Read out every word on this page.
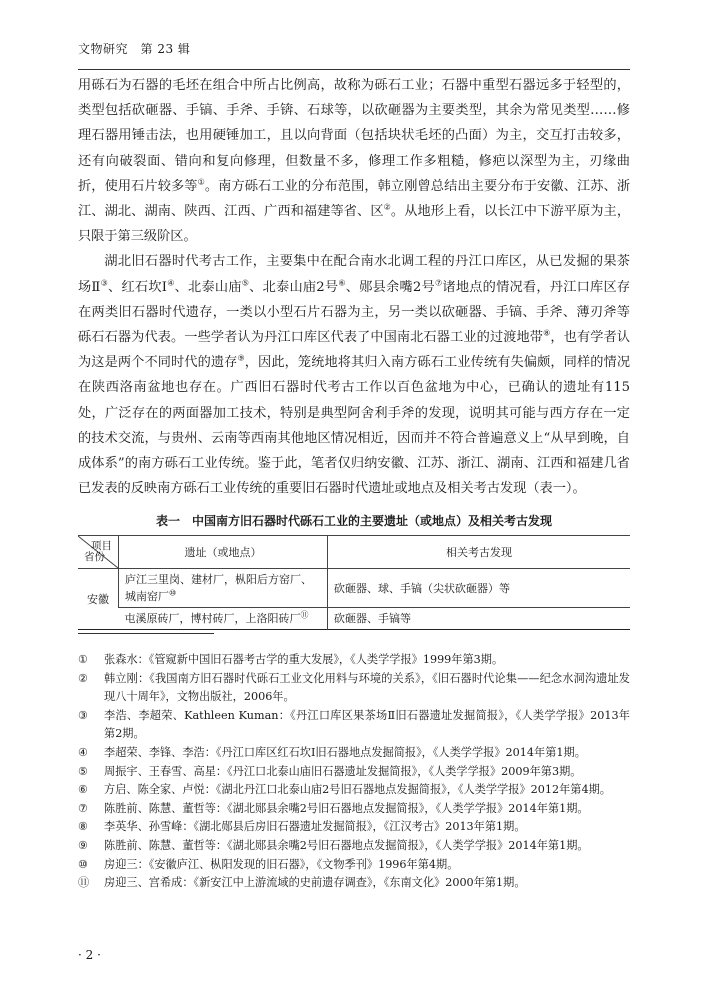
文物研究　第 23 辑

用砾石为石器的毛坯在组合中所占比例高，故称为砾石工业；石器中重型石器远多于轻型的，类型包括砍砸器、手镐、手斧、手锛、石球等，以砍砸器为主要类型，其余为常见类型……修理石器用锤击法，也用硬锤加工，且以向背面（包括块状毛坯的凸面）为主，交互打击较多，还有向破裂面、错向和复向修理，但数量不多，修理工作多粗糙，修疤以深型为主，刃缘曲折，使用石片较多等①。南方砾石工业的分布范围，韩立刚曾总结出主要分布于安徽、江苏、浙江、湖北、湖南、陕西、江西、广西和福建等省、区②。从地形上看，以长江中下游平原为主，只限于第三级阶区。

湖北旧石器时代考古工作，主要集中在配合南水北调工程的丹江口库区，从已发掘的果茶场Ⅱ③、红石坎Ⅰ④、北泰山庙⑤、北泰山庙2号⑥、郧县余嘴2号⑦诸地点的情况看，丹江口库区存在两类旧石器时代遗存，一类以小型石片石器为主，另一类以砍砸器、手镐、手斧、薄刃斧等砾石石器为代表。一些学者认为丹江口库区代表了中国南北石器工业的过渡地带⑧，也有学者认为这是两个不同时代的遗存⑨，因此，笼统地将其归入南方砾石工业传统有失偏颇，同样的情况在陕西洛南盆地也存在。广西旧石器时代考古工作以百色盆地为中心，已确认的遗址有115处，广泛存在的两面器加工技术，特别是典型阿舍利手斧的发现，说明其可能与西方存在一定的技术交流，与贵州、云南等西南其他地区情况相近，因而并不符合普遍意义上“从早到晚，自成体系”的南方砾石工业传统。鉴于此，笔者仅归纳安徽、江苏、浙江、湖南、江西和福建几省已发表的反映南方砾石工业传统的重要旧石器时代遗址或地点及相关考古发现（表一）。

表一　中国南方旧石器时代砾石工业的主要遗址（或地点）及相关考古发现
项目
省份	遗址（或地点）	相关考古发现
安徽	庐江三里岗、建材厂，枞阳后方窑厂、城南窑厂⑩	砍砸器、球、手镐（尖状砍砸器）等
	屯溪原砖厂，博村砖厂，上洛阳砖厂⑪	砍砸器、手镐等
①	张森水：《管窥新中国旧石器考古学的重大发展》，《人类学学报》1999年第3期。
②	韩立刚：《我国南方旧石器时代砾石工业文化用料与环境的关系》，《旧石器时代论集——纪念水洞沟遗址发现八十周年》，文物出版社，2006年。
③	李浩、李超荣、Kathleen Kuman：《丹江口库区果茶场Ⅱ旧石器遗址发掘简报》，《人类学学报》2013年第2期。
④	李超荣、李锋、李浩：《丹江口库区红石坎Ⅰ旧石器地点发掘简报》，《人类学学报》2014年第1期。
⑤	周振宇、王春雪、高星：《丹江口北泰山庙旧石器遗址发掘简报》，《人类学学报》2009年第3期。
⑥	方启、陈全家、卢悦：《湖北丹江口北泰山庙2号旧石器地点发掘简报》，《人类学学报》2012年第4期。
⑦	陈胜前、陈慧、董哲等：《湖北郧县余嘴2号旧石器地点发掘简报》，《人类学学报》2014年第1期。
⑧	李英华、孙雪峰：《湖北郧县后房旧石器遗址发掘简报》，《江汉考古》2013年第1期。
⑨	陈胜前、陈慧、董哲等：《湖北郧县余嘴2号旧石器地点发掘简报》，《人类学学报》2014年第1期。
⑩	房迎三：《安徽庐江、枞阳发现的旧石器》，《文物季刊》1996年第4期。
⑪	房迎三、宫希成：《新安江中上游流域的史前遗存调查》，《东南文化》2000年第1期。
· 2 ·
